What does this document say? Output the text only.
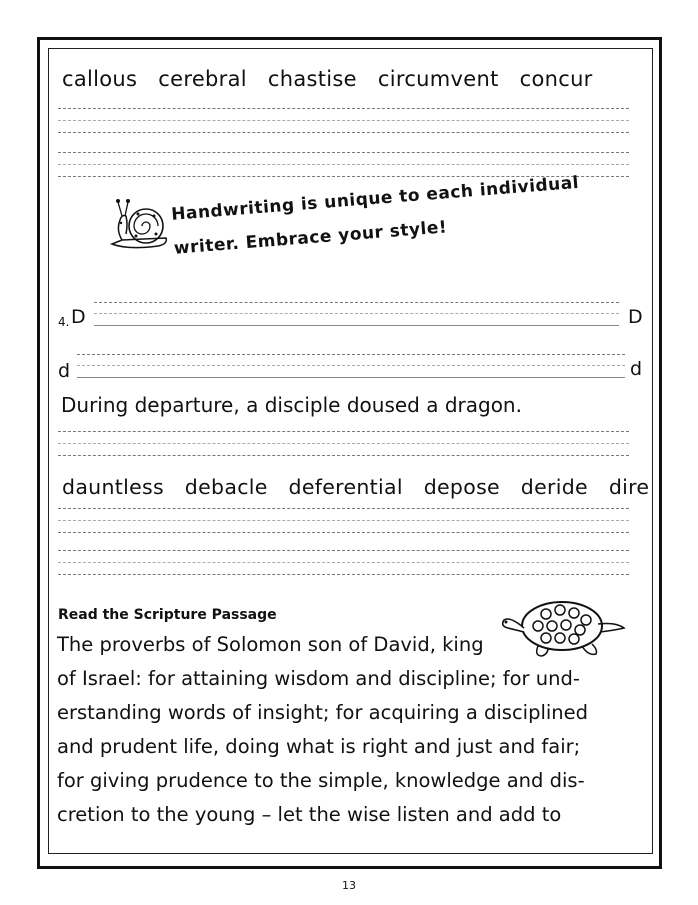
callous cerebral chastise circumvent concur
Handwriting is unique to each individual
writer. Embrace your style!
4. D	D
d	d
During departure, a disciple doused a dragon.
dauntless debacle deferential depose deride dire
Read the Scripture Passage
The proverbs of Solomon son of David, king
of Israel: for attaining wisdom and discipline; for und-
erstanding words of insight; for acquiring a disciplined
and prudent life, doing what is right and just and fair;
for giving prudence to the simple, knowledge and dis-
cretion to the young – let the wise listen and add to
13
